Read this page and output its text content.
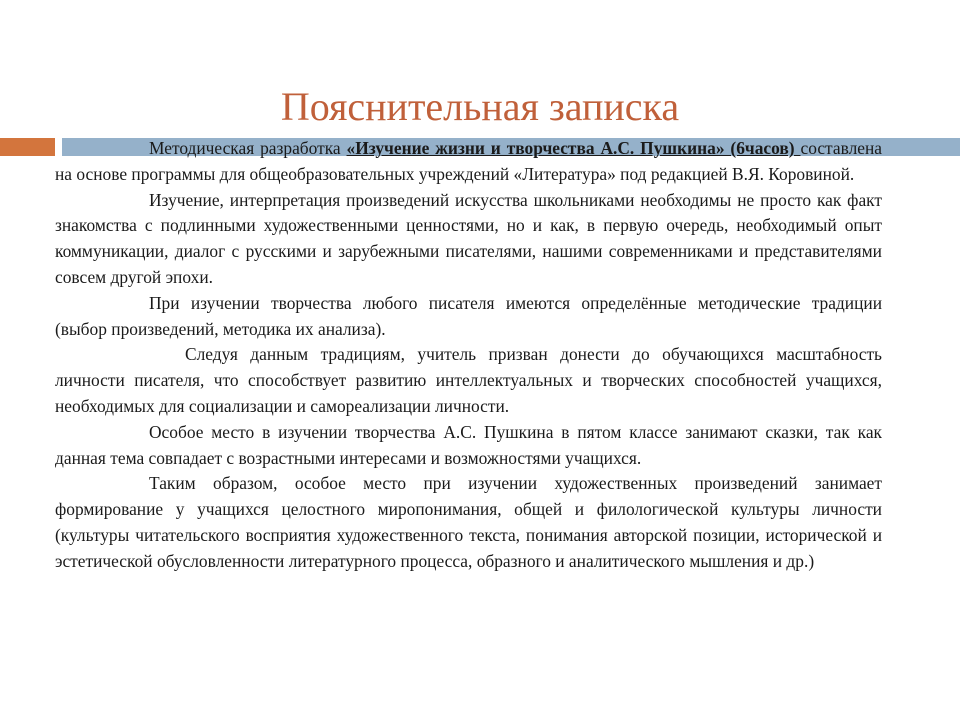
Пояснительная записка

Методическая разработка «Изучение жизни и творчества А.С. Пушкина» (6часов) составлена на основе программы для общеобразовательных учреждений «Литература» под редакцией В.Я. Коровиной.

Изучение, интерпретация произведений искусства школьниками необходимы не просто как факт знакомства с подлинными художественными ценностями, но и как, в первую очередь, необходимый опыт коммуникации, диалог с русскими и зарубежными писателями, нашими современниками и представителями совсем другой эпохи.

При изучении творчества любого писателя имеются определённые методические традиции (выбор произведений, методика их анализа).

Следуя данным традициям, учитель призван донести до обучающихся масштабность личности писателя, что способствует развитию интеллектуальных и творческих способностей учащихся, необходимых для социализации и самореализации личности.

Особое место в изучении творчества А.С. Пушкина в пятом классе занимают сказки, так как данная тема совпадает с возрастными интересами и возможностями учащихся.

Таким образом, особое место при изучении художественных произведений занимает формирование у учащихся целостного миропонимания, общей и филологической культуры личности (культуры читательского восприятия художественного текста, понимания авторской позиции, исторической и эстетической обусловленности литературного процесса, образного и аналитического мышления и др.)
